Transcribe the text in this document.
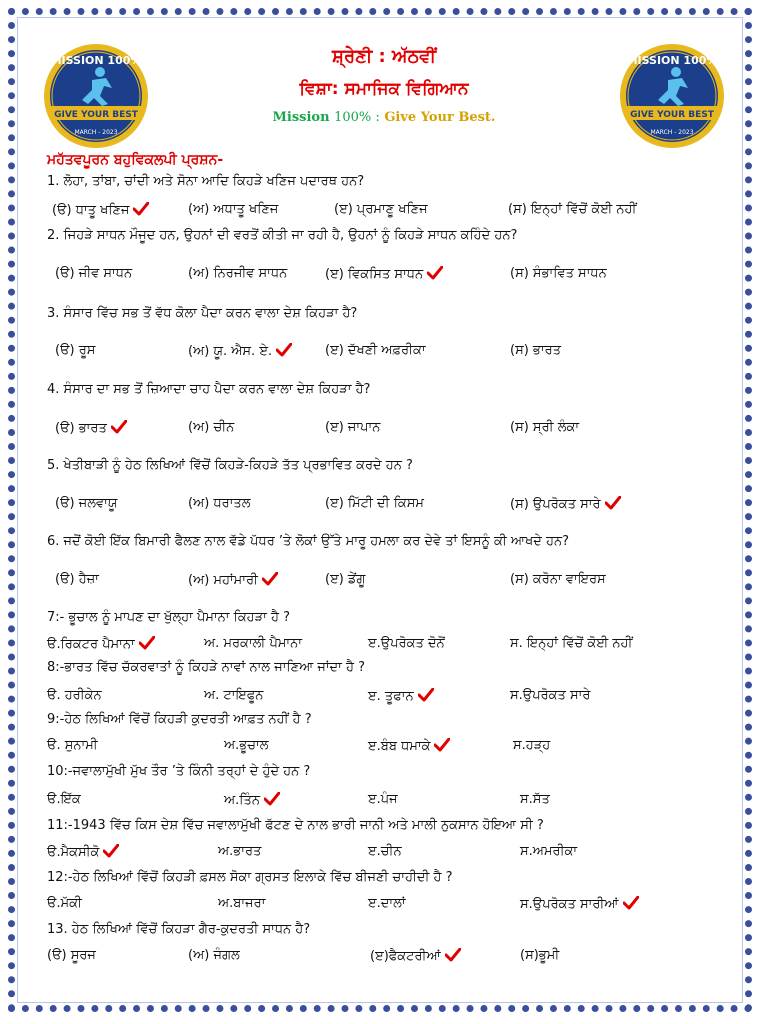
MISSION 100%
GIVE YOUR BEST
MARCH - 2023
MISSION 100%
GIVE YOUR BEST
MARCH - 2023
ਸ਼੍ਰੇਣੀ : ਅੱਠਵੀਂ
ਵਿਸ਼ਾ: ਸਮਾਜਿਕ ਵਿਗਿਆਨ
Mission 100% : Give Your Best.
ਮਹੱਤਵਪੂਰਨ ਬਹੁਵਿਕਲਪੀ ਪ੍ਰਸ਼ਨ-
1. ਲੋਹਾ, ਤਾਂਬਾ, ਚਾਂਦੀ ਅਤੇ ਸੋਨਾ ਆਦਿ ਕਿਹੜੇ ਖਣਿਜ ਪਦਾਰਥ ਹਨ?
(ੳ) ਧਾਤੂ ਖਣਿਜ	(ਅ) ਅਧਾਤੂ ਖਣਿਜ	(ੲ) ਪ੍ਰਮਾਣੂ ਖਣਿਜ	(ਸ) ਇਨ੍ਹਾਂ ਵਿੱਚੋਂ ਕੋਈ ਨਹੀਂ
2. ਜਿਹੜੇ ਸਾਧਨ ਮੌਜੂਦ ਹਨ, ਉਹਨਾਂ ਦੀ ਵਰਤੋਂ ਕੀਤੀ ਜਾ ਰਹੀ ਹੈ, ਉਹਨਾਂ ਨੂੰ ਕਿਹੜੇ ਸਾਧਨ ਕਹਿੰਦੇ ਹਨ?
(ੳ) ਜੀਵ ਸਾਧਨ	(ਅ) ਨਿਰਜੀਵ ਸਾਧਨ	(ੲ) ਵਿਕਸਿਤ ਸਾਧਨ	(ਸ) ਸੰਭਾਵਿਤ ਸਾਧਨ
3. ਸੰਸਾਰ ਵਿੱਚ ਸਭ ਤੋਂ ਵੱਧ ਕੋਲਾ ਪੈਦਾ ਕਰਨ ਵਾਲਾ ਦੇਸ਼ ਕਿਹੜਾ ਹੈ?
(ੳ) ਰੂਸ	(ਅ) ਯੂ. ਐਸ. ਏ.	(ੲ) ਦੱਖਣੀ ਅਫ਼ਰੀਕਾ	(ਸ) ਭਾਰਤ
4. ਸੰਸਾਰ ਦਾ ਸਭ ਤੋਂ ਜ਼ਿਆਦਾ ਚਾਹ ਪੈਦਾ ਕਰਨ ਵਾਲਾ ਦੇਸ਼ ਕਿਹੜਾ ਹੈ?
(ੳ) ਭਾਰਤ	(ਅ) ਚੀਨ	(ੲ) ਜਾਪਾਨ	(ਸ) ਸ੍ਰੀ ਲੰਕਾ
5. ਖੇਤੀਬਾੜੀ ਨੂੰ ਹੇਠ ਲਿਖਿਆਂ ਵਿੱਚੋਂ ਕਿਹੜੇ-ਕਿਹੜੇ ਤੱਤ ਪ੍ਰਭਾਵਿਤ ਕਰਦੇ ਹਨ ?
(ੳ) ਜਲਵਾਯੂ	(ਅ) ਧਰਾਤਲ	(ੲ) ਮਿੱਟੀ ਦੀ ਕਿਸਮ	(ਸ) ਉਪਰੋਕਤ ਸਾਰੇ
6. ਜਦੋਂ ਕੋਈ ਇੱਕ ਬਿਮਾਰੀ ਫੈਲਣ ਨਾਲ ਵੱਡੇ ਪੱਧਰ ’ਤੇ ਲੋਕਾਂ ਉੱਤੇ ਮਾਰੂ ਹਮਲਾ ਕਰ ਦੇਵੇ ਤਾਂ ਇਸਨੂੰ ਕੀ ਆਖਦੇ ਹਨ?
(ੳ) ਹੈਜ਼ਾ	(ਅ) ਮਹਾਂਮਾਰੀ	(ੲ) ਡੇਂਗੂ	(ਸ) ਕਰੋਨਾ ਵਾਇਰਸ
7:- ਭੂਚਾਲ ਨੂੰ ਮਾਪਣ ਦਾ ਖੁੱਲ੍ਹਾ ਪੈਮਾਨਾ ਕਿਹੜਾ ਹੈ ?
ੳ.ਰਿਕਟਰ ਪੈਮਾਨਾ	ਅ. ਮਰਕਾਲੀ ਪੈਮਾਨਾ	ੲ.ਉਪਰੋਕਤ ਦੋਨੋਂ	ਸ. ਇਨ੍ਹਾਂ ਵਿੱਚੋਂ ਕੋਈ ਨਹੀਂ
8:-ਭਾਰਤ ਵਿੱਚ ਚੱਕਰਵਾਤਾਂ ਨੂੰ ਕਿਹੜੇ ਨਾਵਾਂ ਨਾਲ ਜਾਣਿਆ ਜਾਂਦਾ ਹੈ ?
ੳ. ਹਰੀਕੇਨ	ਅ. ਟਾਇਫੂਨ	ੲ. ਤੂਫਾਨ	ਸ.ਉਪਰੋਕਤ ਸਾਰੇ
9:-ਹੇਠ ਲਿਖਿਆਂ ਵਿੱਚੋਂ ਕਿਹੜੀ ਕੁਦਰਤੀ ਆਫ਼ਤ ਨਹੀਂ ਹੈ ?
ੳ. ਸੁਨਾਮੀ	ਅ.ਭੂਚਾਲ	ੲ.ਬੰਬ ਧਮਾਕੇ	ਸ.ਹੜ੍ਹ
10:-ਜਵਾਲਾਮੁੱਖੀ ਮੁੱਖ ਤੌਰ ’ਤੇ ਕਿੰਨੀ ਤਰ੍ਹਾਂ ਦੇ ਹੁੰਦੇ ਹਨ ?
ੳ.ਇੱਕ	ਅ.ਤਿੰਨ	ੲ.ਪੰਜ	ਸ.ਸੱਤ
11:-1943 ਵਿੱਚ ਕਿਸ ਦੇਸ਼ ਵਿੱਚ ਜਵਾਲਾਮੁੱਖੀ ਫੱਟਣ ਦੇ ਨਾਲ ਭਾਰੀ ਜਾਨੀ ਅਤੇ ਮਾਲੀ ਨੁਕਸਾਨ ਹੋਇਆ ਸੀ ?
ੳ.ਮੈਕਸੀਕੋ	ਅ.ਭਾਰਤ	ੲ.ਚੀਨ	ਸ.ਅਮਰੀਕਾ
12:-ਹੇਠ ਲਿਖਿਆਂ ਵਿੱਚੋਂ ਕਿਹੜੀ ਫ਼ਸਲ ਸੋਕਾ ਗ੍ਰਸਤ ਇਲਾਕੇ ਵਿੱਚ ਬੀਜਣੀ ਚਾਹੀਦੀ ਹੈ ?
ੳ.ਮੱਕੀ	ਅ.ਬਾਜਰਾ	ੲ.ਦਾਲਾਂ	ਸ.ਉਪਰੋਕਤ ਸਾਰੀਆਂ
13. ਹੇਠ ਲਿਖਿਆਂ ਵਿੱਚੋਂ ਕਿਹੜਾ ਗੈਰ-ਕੁਦਰਤੀ ਸਾਧਨ ਹੈ?
(ੳ) ਸੂਰਜ	(ਅ) ਜੰਗਲ	(ੲ)ਫੈਕਟਰੀਆਂ	(ਸ)ਭੂਮੀ
